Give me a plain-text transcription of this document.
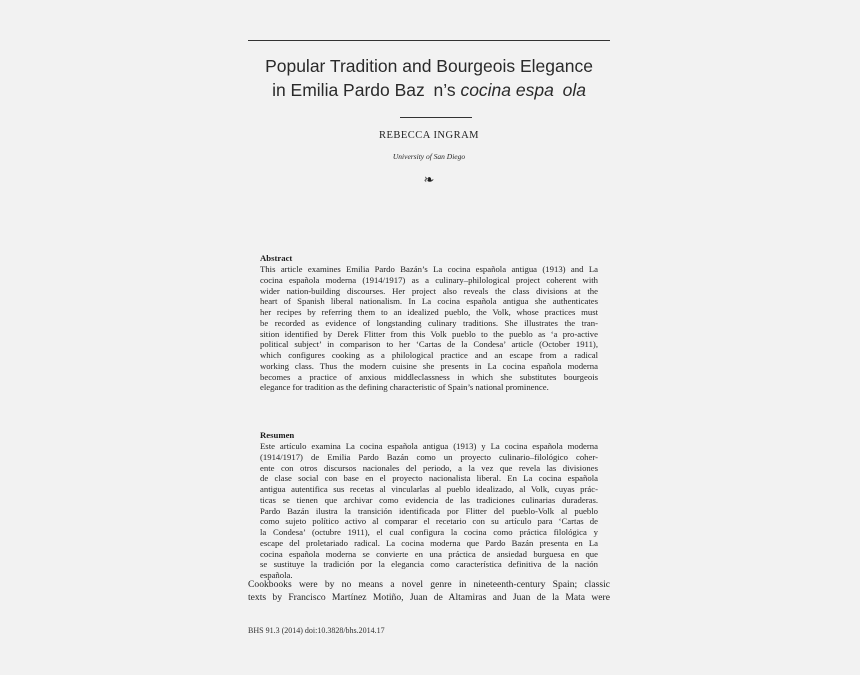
Popular Tradition and Bourgeois Elegance
in Emilia Pardo Baz n’s cocina espa ola
REBECCA INGRAM
University of San Diego
❧
Abstract
This article examines Emilia Pardo Bazán’s La cocina española antigua (1913) and La
cocina española moderna (1914/1917) as a culinary–philological project coherent with
wider nation-building discourses. Her project also reveals the class divisions at the
heart of Spanish liberal nationalism. In La cocina española antigua she authenticates
her recipes by referring them to an idealized pueblo, the Volk, whose practices must
be recorded as evidence of longstanding culinary traditions. She illustrates the tran-
sition identified by Derek Flitter from this Volk pueblo to the pueblo as ‘a pro-active
political subject’ in comparison to her ‘Cartas de la Condesa’ article (October 1911),
which configures cooking as a philological practice and an escape from a radical
working class. Thus the modern cuisine she presents in La cocina española moderna
becomes a practice of anxious middleclassness in which she substitutes bourgeois
elegance for tradition as the defining characteristic of Spain’s national prominence.
Resumen
Este artículo examina La cocina española antigua (1913) y La cocina española moderna
(1914/1917) de Emilia Pardo Bazán como un proyecto culinario–filológico coher-
ente con otros discursos nacionales del periodo, a la vez que revela las divisiones
de clase social con base en el proyecto nacionalista liberal. En La cocina española
antigua autentifica sus recetas al vincularlas al pueblo idealizado, al Volk, cuyas prác-
ticas se tienen que archivar como evidencia de las tradiciones culinarias duraderas.
Pardo Bazán ilustra la transición identificada por Flitter del pueblo-Volk al pueblo
como sujeto político activo al comparar el recetario con su artículo para ‘Cartas de
la Condesa’ (octubre 1911), el cual configura la cocina como práctica filológica y
escape del proletariado radical. La cocina moderna que Pardo Bazán presenta en La
cocina española moderna se convierte en una práctica de ansiedad burguesa en que
se sustituye la tradición por la elegancia como característica definitiva de la nación
española.
Cookbooks were by no means a novel genre in nineteenth-century Spain; classic
texts by Francisco Martínez Motiño, Juan de Altamiras and Juan de la Mata were
BHS 91.3 (2014) doi:10.3828/bhs.2014.17
